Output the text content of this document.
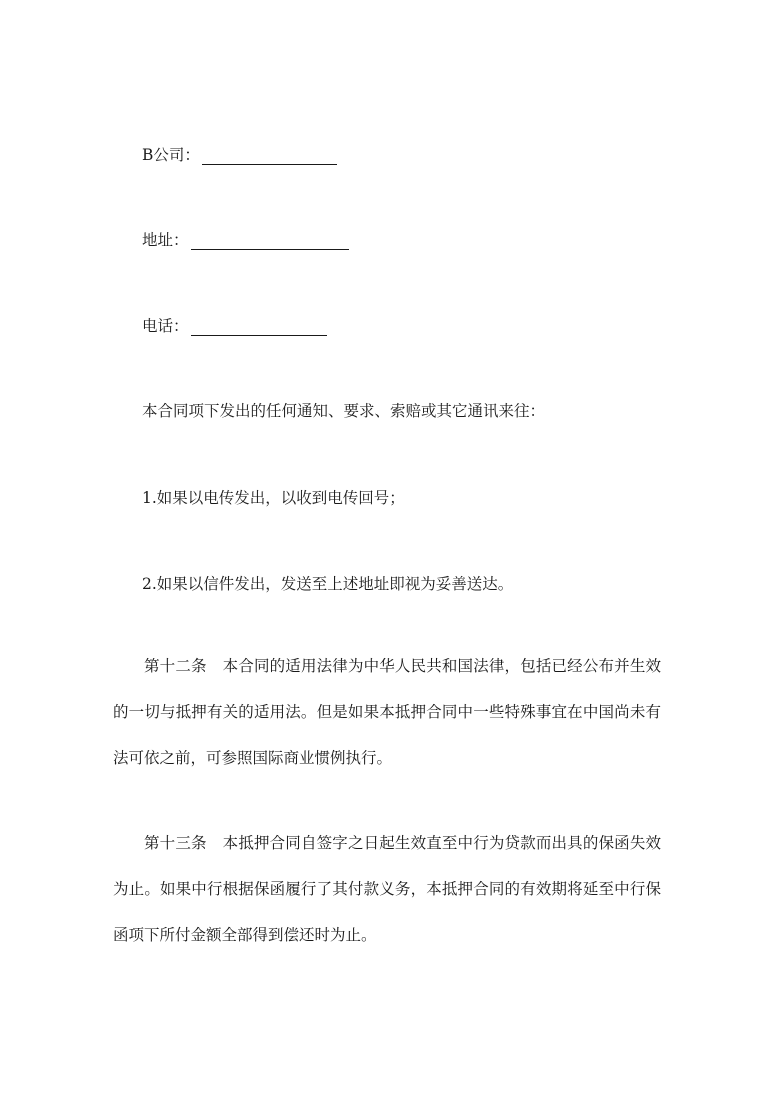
B公司：
地址：
电话：
本合同项下发出的任何通知、要求、索赔或其它通讯来往：
1.如果以电传发出，以收到电传回号；
2.如果以信件发出，发送至上述地址即视为妥善送达。

第十二条 本合同的适用法律为中华人民共和国法律，包括已经公布并生效的一切与抵押有关的适用法。但是如果本抵押合同中一些特殊事宜在中国尚未有法可依之前，可参照国际商业惯例执行。

第十三条 本抵押合同自签字之日起生效直至中行为贷款而出具的保函失效为止。如果中行根据保函履行了其付款义务，本抵押合同的有效期将延至中行保函项下所付金额全部得到偿还时为止。
